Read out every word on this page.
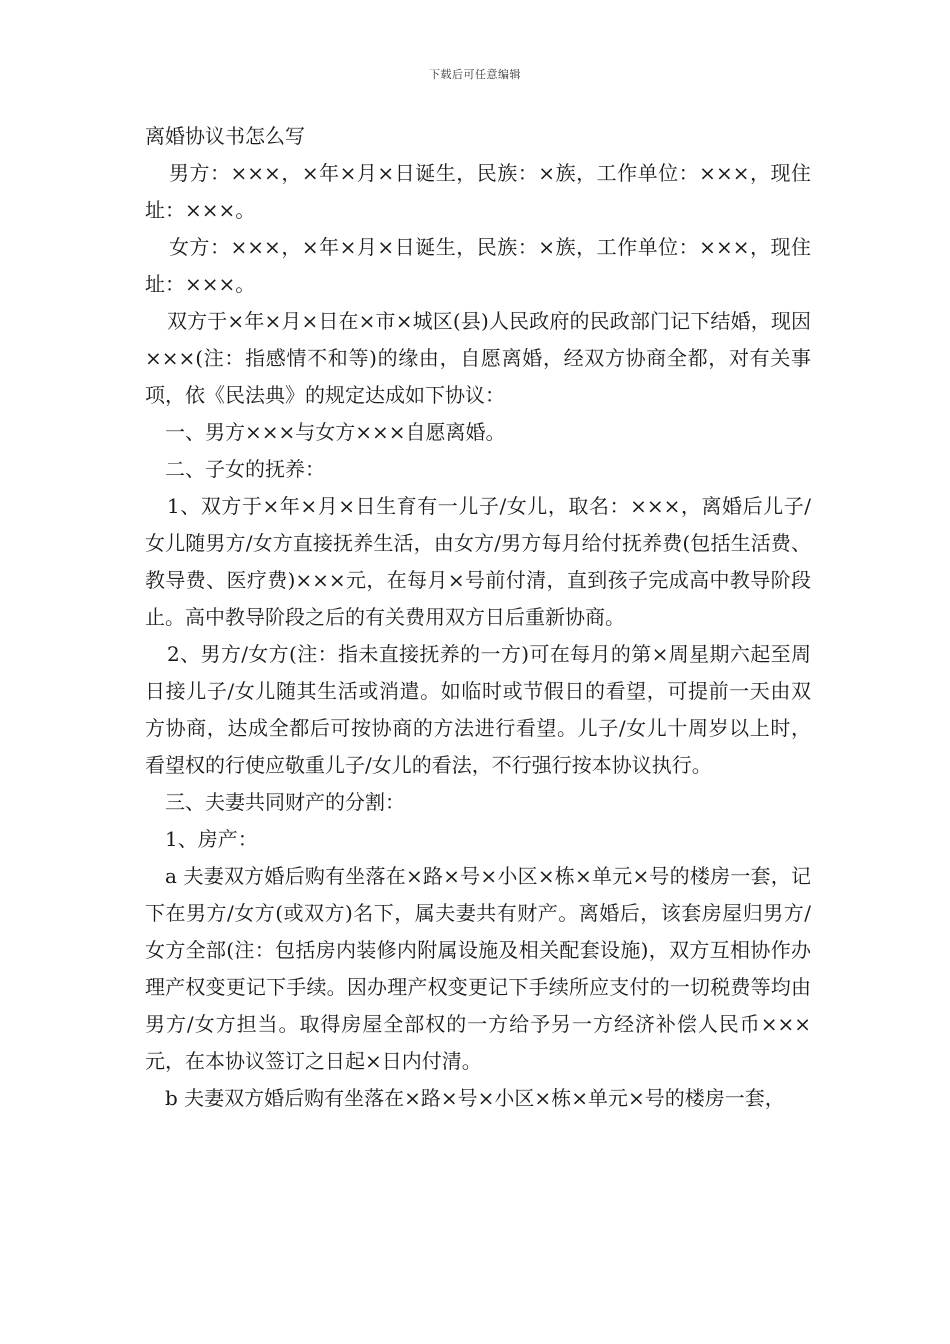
下载后可任意编辑

离婚协议书怎么写

男方：×××，×年×月×日诞生，民族：×族，工作单位：×××，现住址：×××。

女方：×××，×年×月×日诞生，民族：×族，工作单位：×××，现住址：×××。

双方于×年×月×日在×市×城区(县)人民政府的民政部门记下结婚，现因×××(注：指感情不和等)的缘由，自愿离婚，经双方协商全都，对有关事项，依《民法典》的规定达成如下协议：

一、男方×××与女方×××自愿离婚。

二、子女的抚养：

1、双方于×年×月×日生育有一儿子/女儿，取名：×××，离婚后儿子/女儿随男方/女方直接抚养生活，由女方/男方每月给付抚养费(包括生活费、教导费、医疗费)×××元，在每月×号前付清，直到孩子完成高中教导阶段止。高中教导阶段之后的有关费用双方日后重新协商。

2、男方/女方(注：指未直接抚养的一方)可在每月的第×周星期六起至周日接儿子/女儿随其生活或消遣。如临时或节假日的看望，可提前一天由双方协商，达成全都后可按协商的方法进行看望。儿子/女儿十周岁以上时，看望权的行使应敬重儿子/女儿的看法，不行强行按本协议执行。

三、夫妻共同财产的分割：

1、房产：

a 夫妻双方婚后购有坐落在×路×号×小区×栋×单元×号的楼房一套，记下在男方/女方(或双方)名下，属夫妻共有财产。离婚后，该套房屋归男方/女方全部(注：包括房内装修内附属设施及相关配套设施)，双方互相协作办理产权变更记下手续。因办理产权变更记下手续所应支付的一切税费等均由男方/女方担当。取得房屋全部权的一方给予另一方经济补偿人民币×××元，在本协议签订之日起×日内付清。

b 夫妻双方婚后购有坐落在×路×号×小区×栋×单元×号的楼房一套，
